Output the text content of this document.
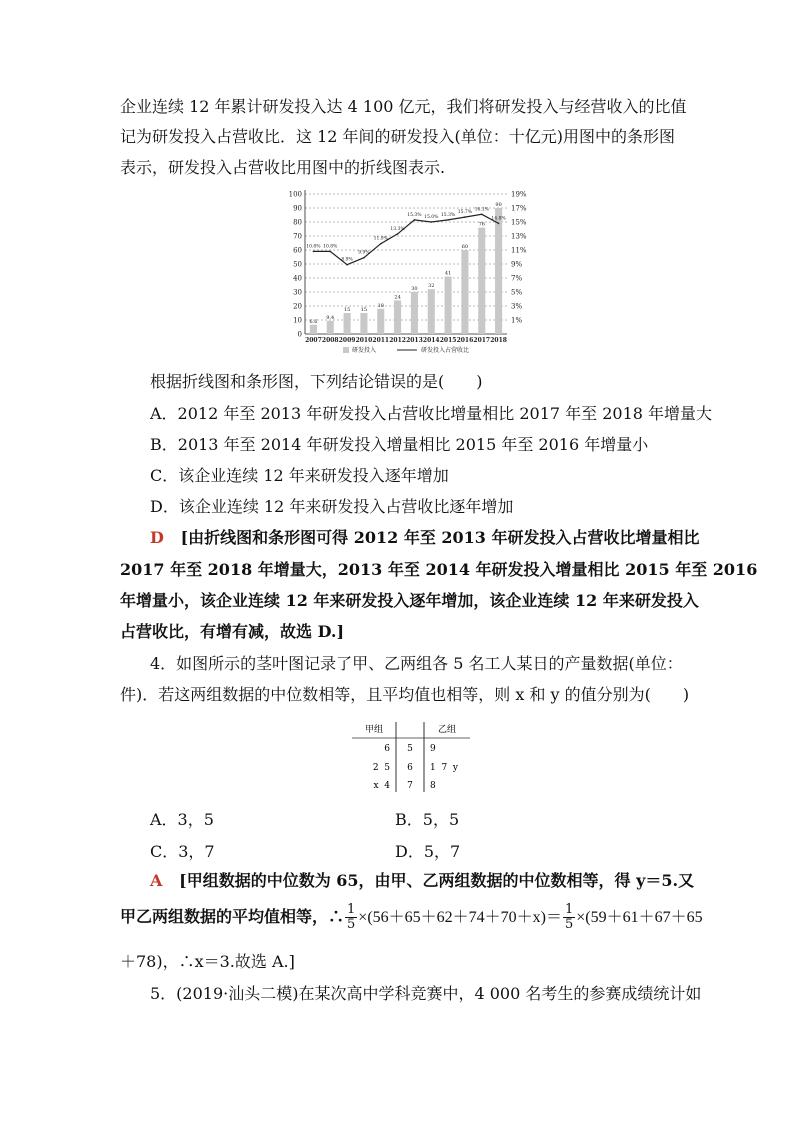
企业连续 12 年累计研发投入达 4 100 亿元，我们将研发投入与经营收入的比值
记为研发投入占营收比．这 12 年间的研发投入(单位：十亿元)用图中的条形图
表示，研发投入占营收比用图中的折线图表示.
0
10
20
30
40
50
60
70
80
90
100
1%
3%
5%
7%
9%
11%
13%
15%
17%
19%
6.6
9.4
15 15
18
24
30 32
41
60
76
90
2007 2008 2009 2010 2011 2012 2013 2014 2015 2016 2017 2018
10.8% 10.8%
8.9%
9.9%
11.9%
13.3%
15.3% 15.0% 15.3%
15.7%
16.1%
14.8%
研发投入	研发投入占营收比
根据折线图和条形图，下列结论错误的是(　　)
A．2012 年至 2013 年研发投入占营收比增量相比 2017 年至 2018 年增量大
B．2013 年至 2014 年研发投入增量相比 2015 年至 2016 年增量小
C．该企业连续 12 年来研发投入逐年增加
D．该企业连续 12 年来研发投入占营收比逐年增加
D [由折线图和条形图可得 2012 年至 2013 年研发投入占营收比增量相比
2017 年至 2018 年增量大，2013 年至 2014 年研发投入增量相比 2015 年至 2016
年增量小，该企业连续 12 年来研发投入逐年增加，该企业连续 12 年来研发投入
占营收比，有增有减，故选 D.]
4．如图所示的茎叶图记录了甲、乙两组各 5 名工人某日的产量数据(单位：
件)．若这两组数据的中位数相等，且平均值也相等，则 x 和 y 的值分别为(　　)
甲组	乙组
6 5 9
2  5 6 1  7  y
x  4 7 8
A．3，5	B．5，5
C．3，7	D．5，7
A [甲组数据的中位数为 65，由甲、乙两组数据的中位数相等，得 y＝5.又
甲乙两组数据的平均值相等，∴ $\frac{1}{5} \times(56+65+62+74+70+x)= \frac{1}{5} \times(59+61+67+65$
＋78)，∴x＝3.故选 A.]
5．(2019·汕头二模)在某次高中学科竞赛中，4 000 名考生的参赛成绩统计如
